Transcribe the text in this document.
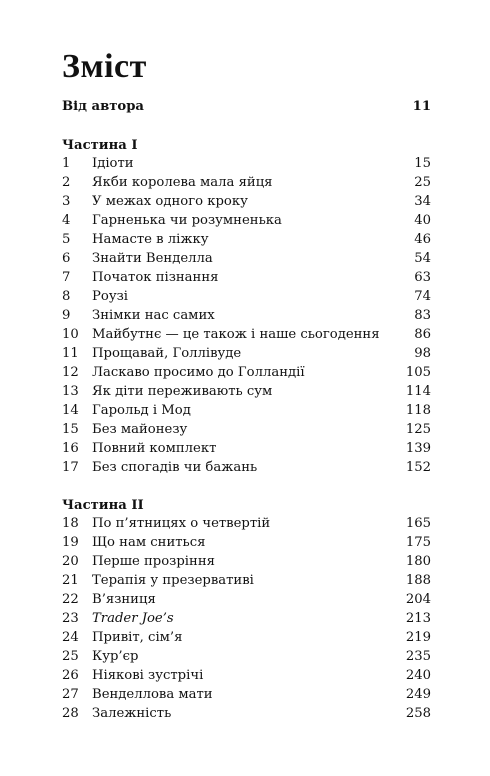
Зміст
Від автора	11
Частина I
1 Ідіоти	15
2 Якби королева мала яйця	25
3 У межах одного кроку	34
4 Гарненька чи розумненька	40
5 Намасте в ліжку	46
6 Знайти Венделла	54
7 Початок пізнання	63
8 Роузі	74
9 Знімки нас самих	83
10 Майбутнє — це також і наше сьогодення	86
11 Прощавай, Голлівуде	98
12 Ласкаво просимо до Голландії	105
13 Як діти переживають сум	114
14 Гарольд і Мод	118
15 Без майонезу	125
16 Повний комплект	139
17 Без спогадів чи бажань	152
Частина II
18 По п’ятницях о четвертій	165
19 Що нам сниться	175
20 Перше прозріння	180
21 Терапія у презервативі	188
22 В’язниця	204
23 Trader Joe’s	213
24 Привіт, сім’я	219
25 Кур’єр	235
26 Ніякові зустрічі	240
27 Венделлова мати	249
28 Залежність	258
